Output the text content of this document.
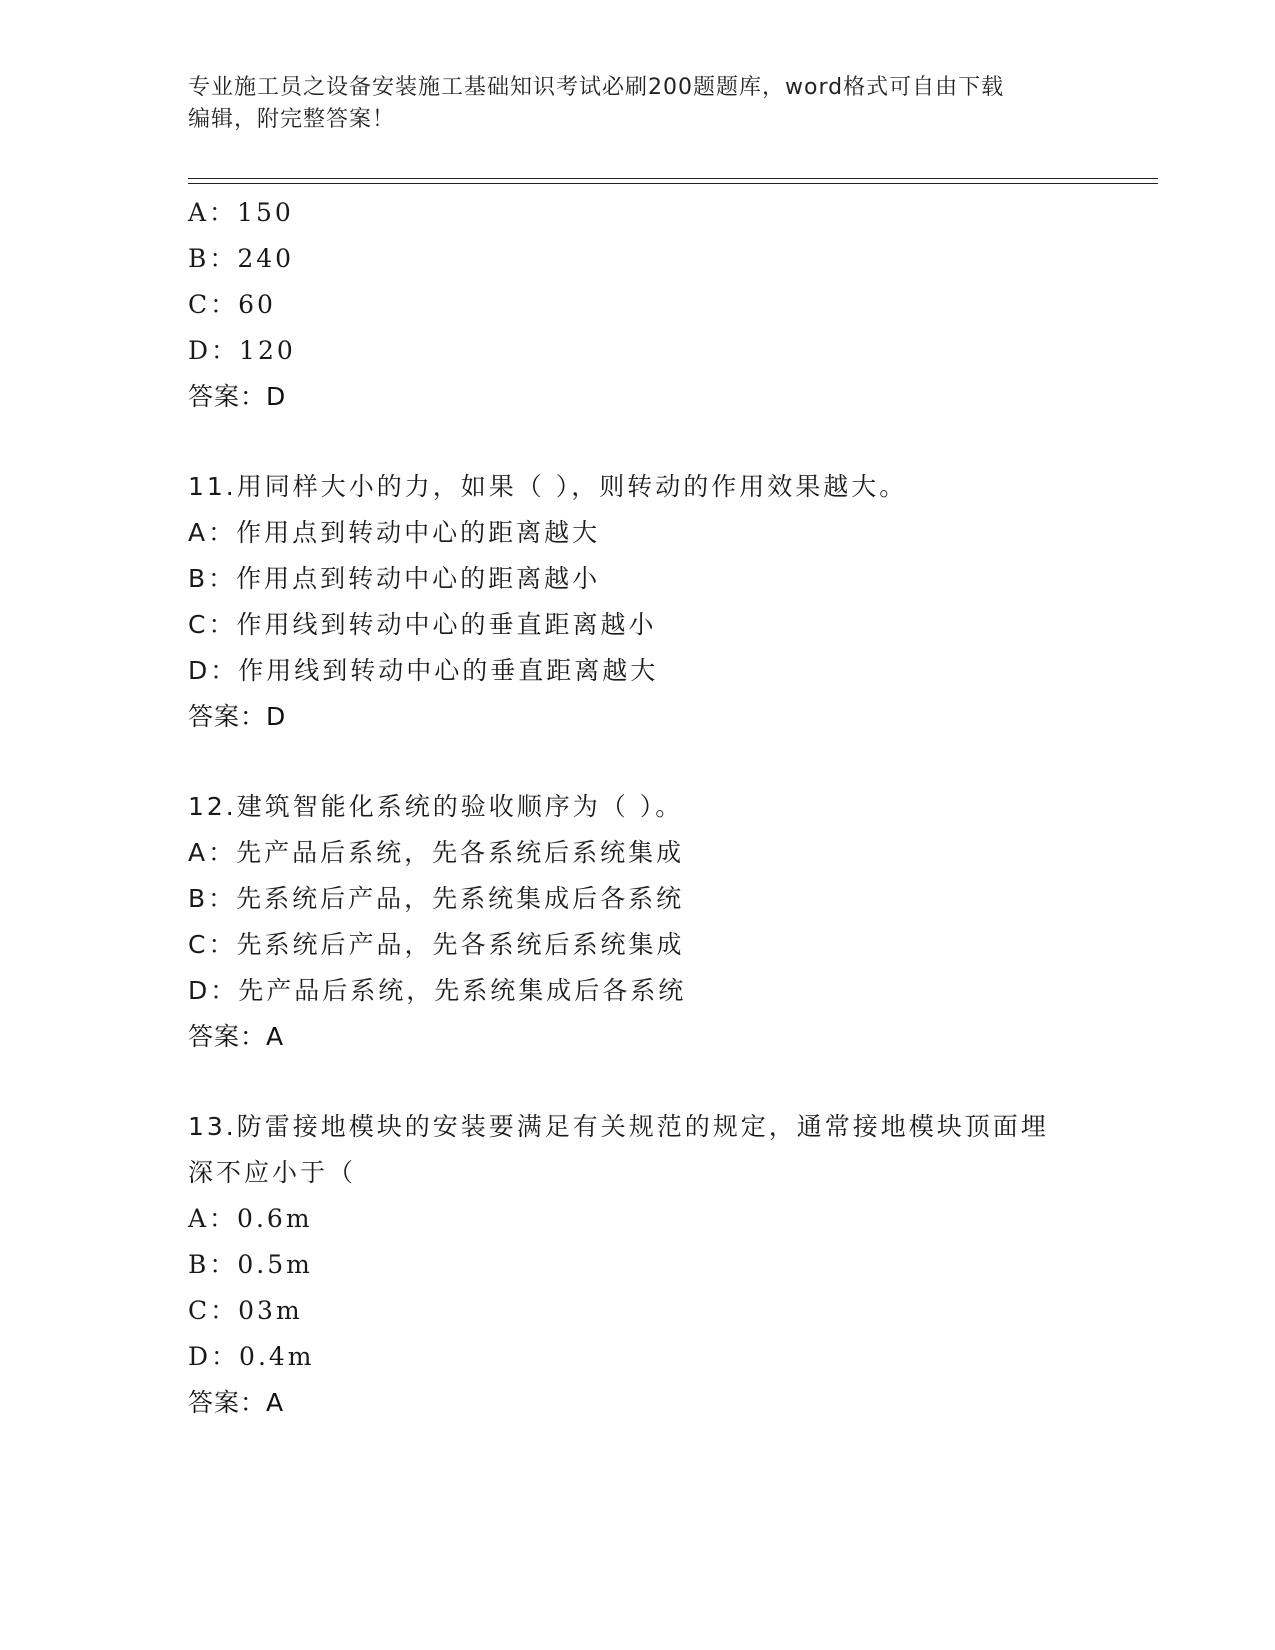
专业施工员之设备安装施工基础知识考试必刷200题题库，word格式可自由下载
编辑，附完整答案！
A：150
B：240
C：60
D：120
答案：D
11.用同样大小的力，如果（ ），则转动的作用效果越大。
A：作用点到转动中心的距离越大
B：作用点到转动中心的距离越小
C：作用线到转动中心的垂直距离越小
D：作用线到转动中心的垂直距离越大
答案：D
12.建筑智能化系统的验收顺序为（ ）。
A：先产品后系统，先各系统后系统集成
B：先系统后产品，先系统集成后各系统
C：先系统后产品，先各系统后系统集成
D：先产品后系统，先系统集成后各系统
答案：A
13.防雷接地模块的安装要满足有关规范的规定，通常接地模块顶面埋
深不应小于（
A：0.6m
B：0.5m
C：03m
D：0.4m
答案：A
